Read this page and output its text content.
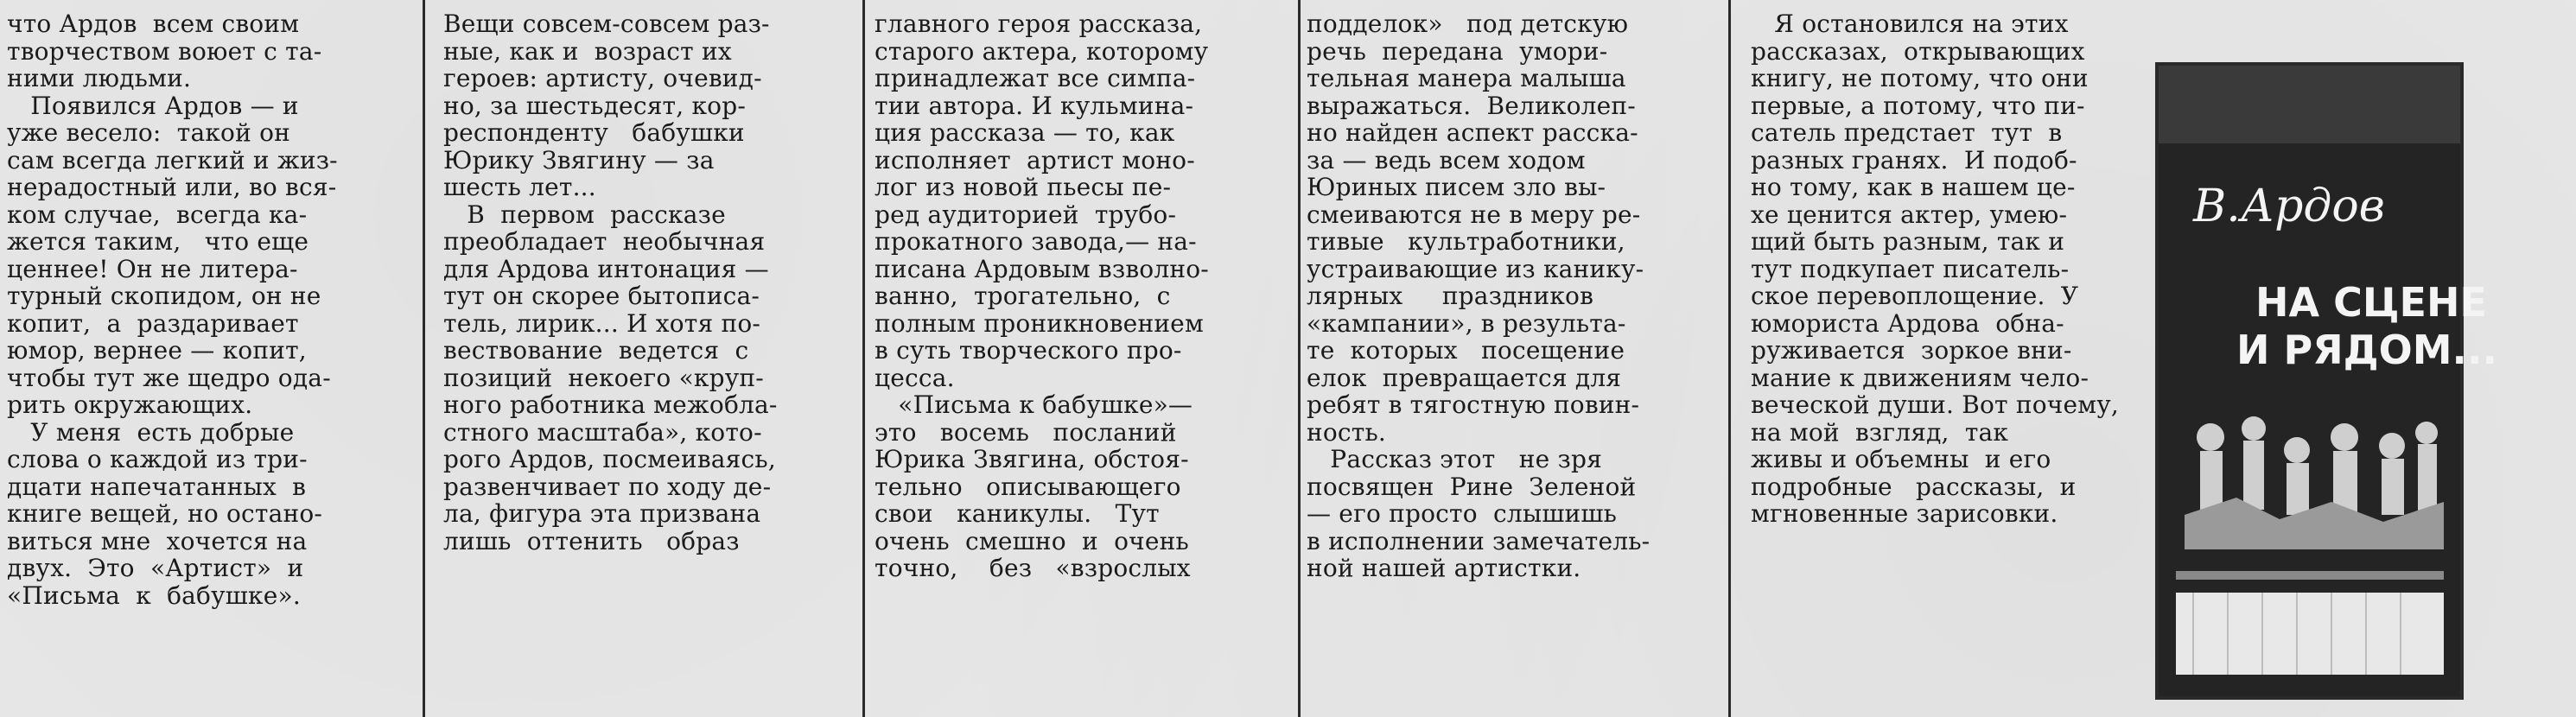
что Ардов  всем своим
творчеством воюет с та-
ними людьми.
Появился Ардов — и
уже весело:  такой он
сам всегда легкий и жиз-
нерадостный или, во вся-
ком случае,  всегда ка-
жется таким,   что еще
ценнее! Он не литера-
турный скопидом, он не
копит,  а  раздаривает
юмор, вернее — копит,
чтобы тут же щедро ода-
рить окружающих.
У меня  есть добрые
слова о каждой из три-
дцати напечатанных  в
книге вещей, но остано-
виться мне  хочется на
двух.  Это  «Артист»  и
«Письма  к  бабушке».
Вещи совсем-совсем раз-
ные, как и  возраст их
героев: артисту, очевид-
но, за шестьдесят, кор-
респонденту   бабушки
Юрику Звягину — за
шесть лет...
В  первом  рассказе
преобладает  необычная
для Ардова интонация —
тут он скорее бытописа-
тель, лирик... И хотя по-
вествование  ведется  с
позиций  некоего «круп-
ного работника межобла-
стного масштаба», кото-
рого Ардов, посмеиваясь,
развенчивает по ходу де-
ла, фигура эта призвана
лишь  оттенить   образ
главного героя рассказа,
старого актера, которому
принадлежат все симпа-
тии автора. И кульмина-
ция рассказа — то, как
исполняет  артист моно-
лог из новой пьесы пе-
ред аудиторией  трубо-
прокатного завода,— на-
писана Ардовым взволно-
ванно,  трогательно,  с
полным проникновением
в суть творческого про-
цесса.
«Письма к бабушке»—
это   восемь   посланий
Юрика Звягина, обстоя-
тельно   описывающего
свои   каникулы.   Тут
очень  смешно  и  очень
точно,    без   «взрослых
подделок»   под детскую
речь  передана  умори-
тельная манера малыша
выражаться.  Великолеп-
но найден аспект расска-
за — ведь всем ходом
Юриных писем зло вы-
смеиваются не в меру ре-
тивые   культработники,
устраивающие из канику-
лярных     праздников
«кампании», в результа-
те  которых   посещение
елок  превращается для
ребят в тягостную повин-
ность.
Рассказ этот   не зря
посвящен  Рине  Зеленой
— его просто  слышишь
в исполнении замечатель-
ной нашей артистки.
Я остановился на этих
рассказах,  открывающих
книгу, не потому, что они
первые, а потому, что пи-
сатель предстает  тут  в
разных гранях.  И подоб-
но тому, как в нашем це-
хе ценится актер, умею-
щий быть разным, так и
тут подкупает писатель-
ское перевоплощение.  У
юмориста Ардова  обна-
руживается  зоркое вни-
мание к движениям чело-
веческой души. Вот почему,
на мой  взгляд,  так
живы и объемны  и его
подробные   рассказы,  и
мгновенные зарисовки.
В.Ардов
НА СЦЕНЕ
И РЯДОМ...
